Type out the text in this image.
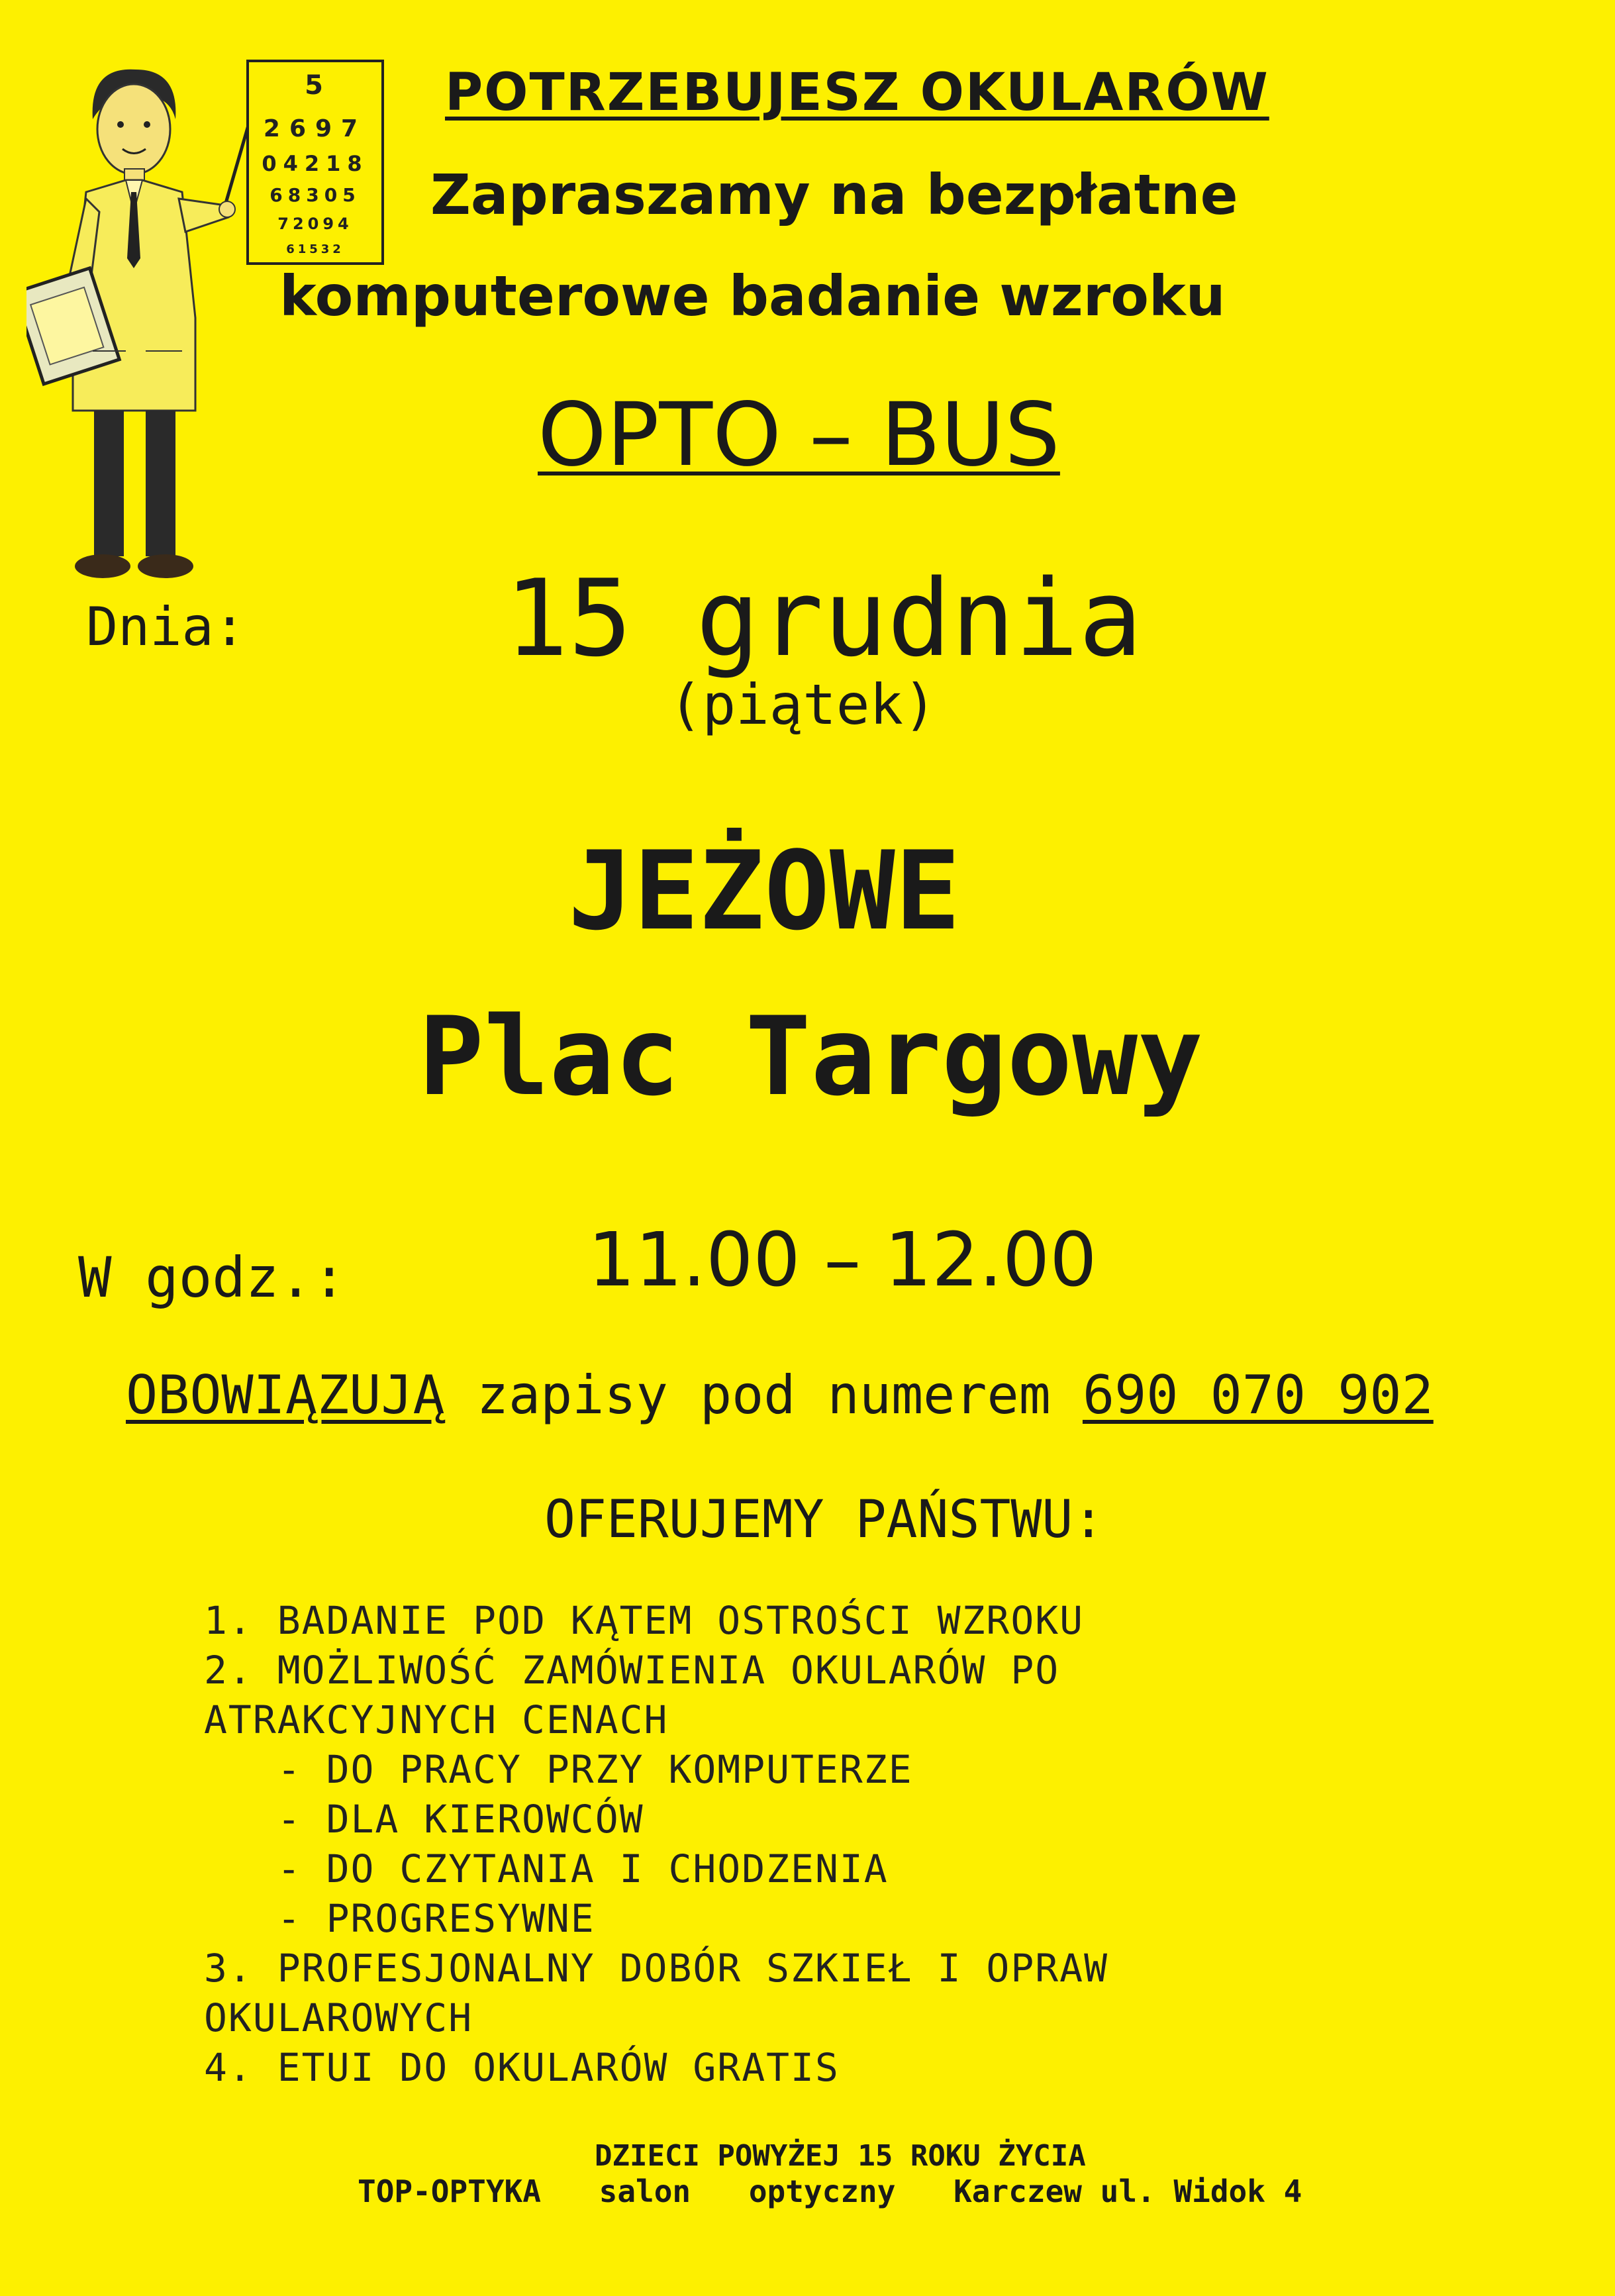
5
2697
04218
68305
72094
61532
POTRZEBUJESZ OKULARÓW
Zapraszamy na bezpłatne
komputerowe badanie wzroku
OPTO – BUS
Dnia: 15 grudnia
(piątek)
JEŻOWE
Plac Targowy
W godz.:	11.00 – 12.00
OBOWIĄZUJĄ zapisy pod numerem 690 070 902
OFERUJEMY PAŃSTWU:
1. BADANIE POD KĄTEM OSTROŚCI WZROKU
2. MOŻLIWOŚĆ ZAMÓWIENIA OKULARÓW PO
ATRAKCYJNYCH CENACH
- DO PRACY PRZY KOMPUTERZE
- DLA KIEROWCÓW
- DO CZYTANIA I CHODZENIA
- PROGRESYWNE
3. PROFESJONALNY DOBÓR SZKIEŁ I OPRAW
OKULAROWYCH
4. ETUI DO OKULARÓW GRATIS
DZIECI POWYŻEJ 15 ROKU ŻYCIA
TOP-OPTYKA salon optyczny Karczew ul. Widok 4
